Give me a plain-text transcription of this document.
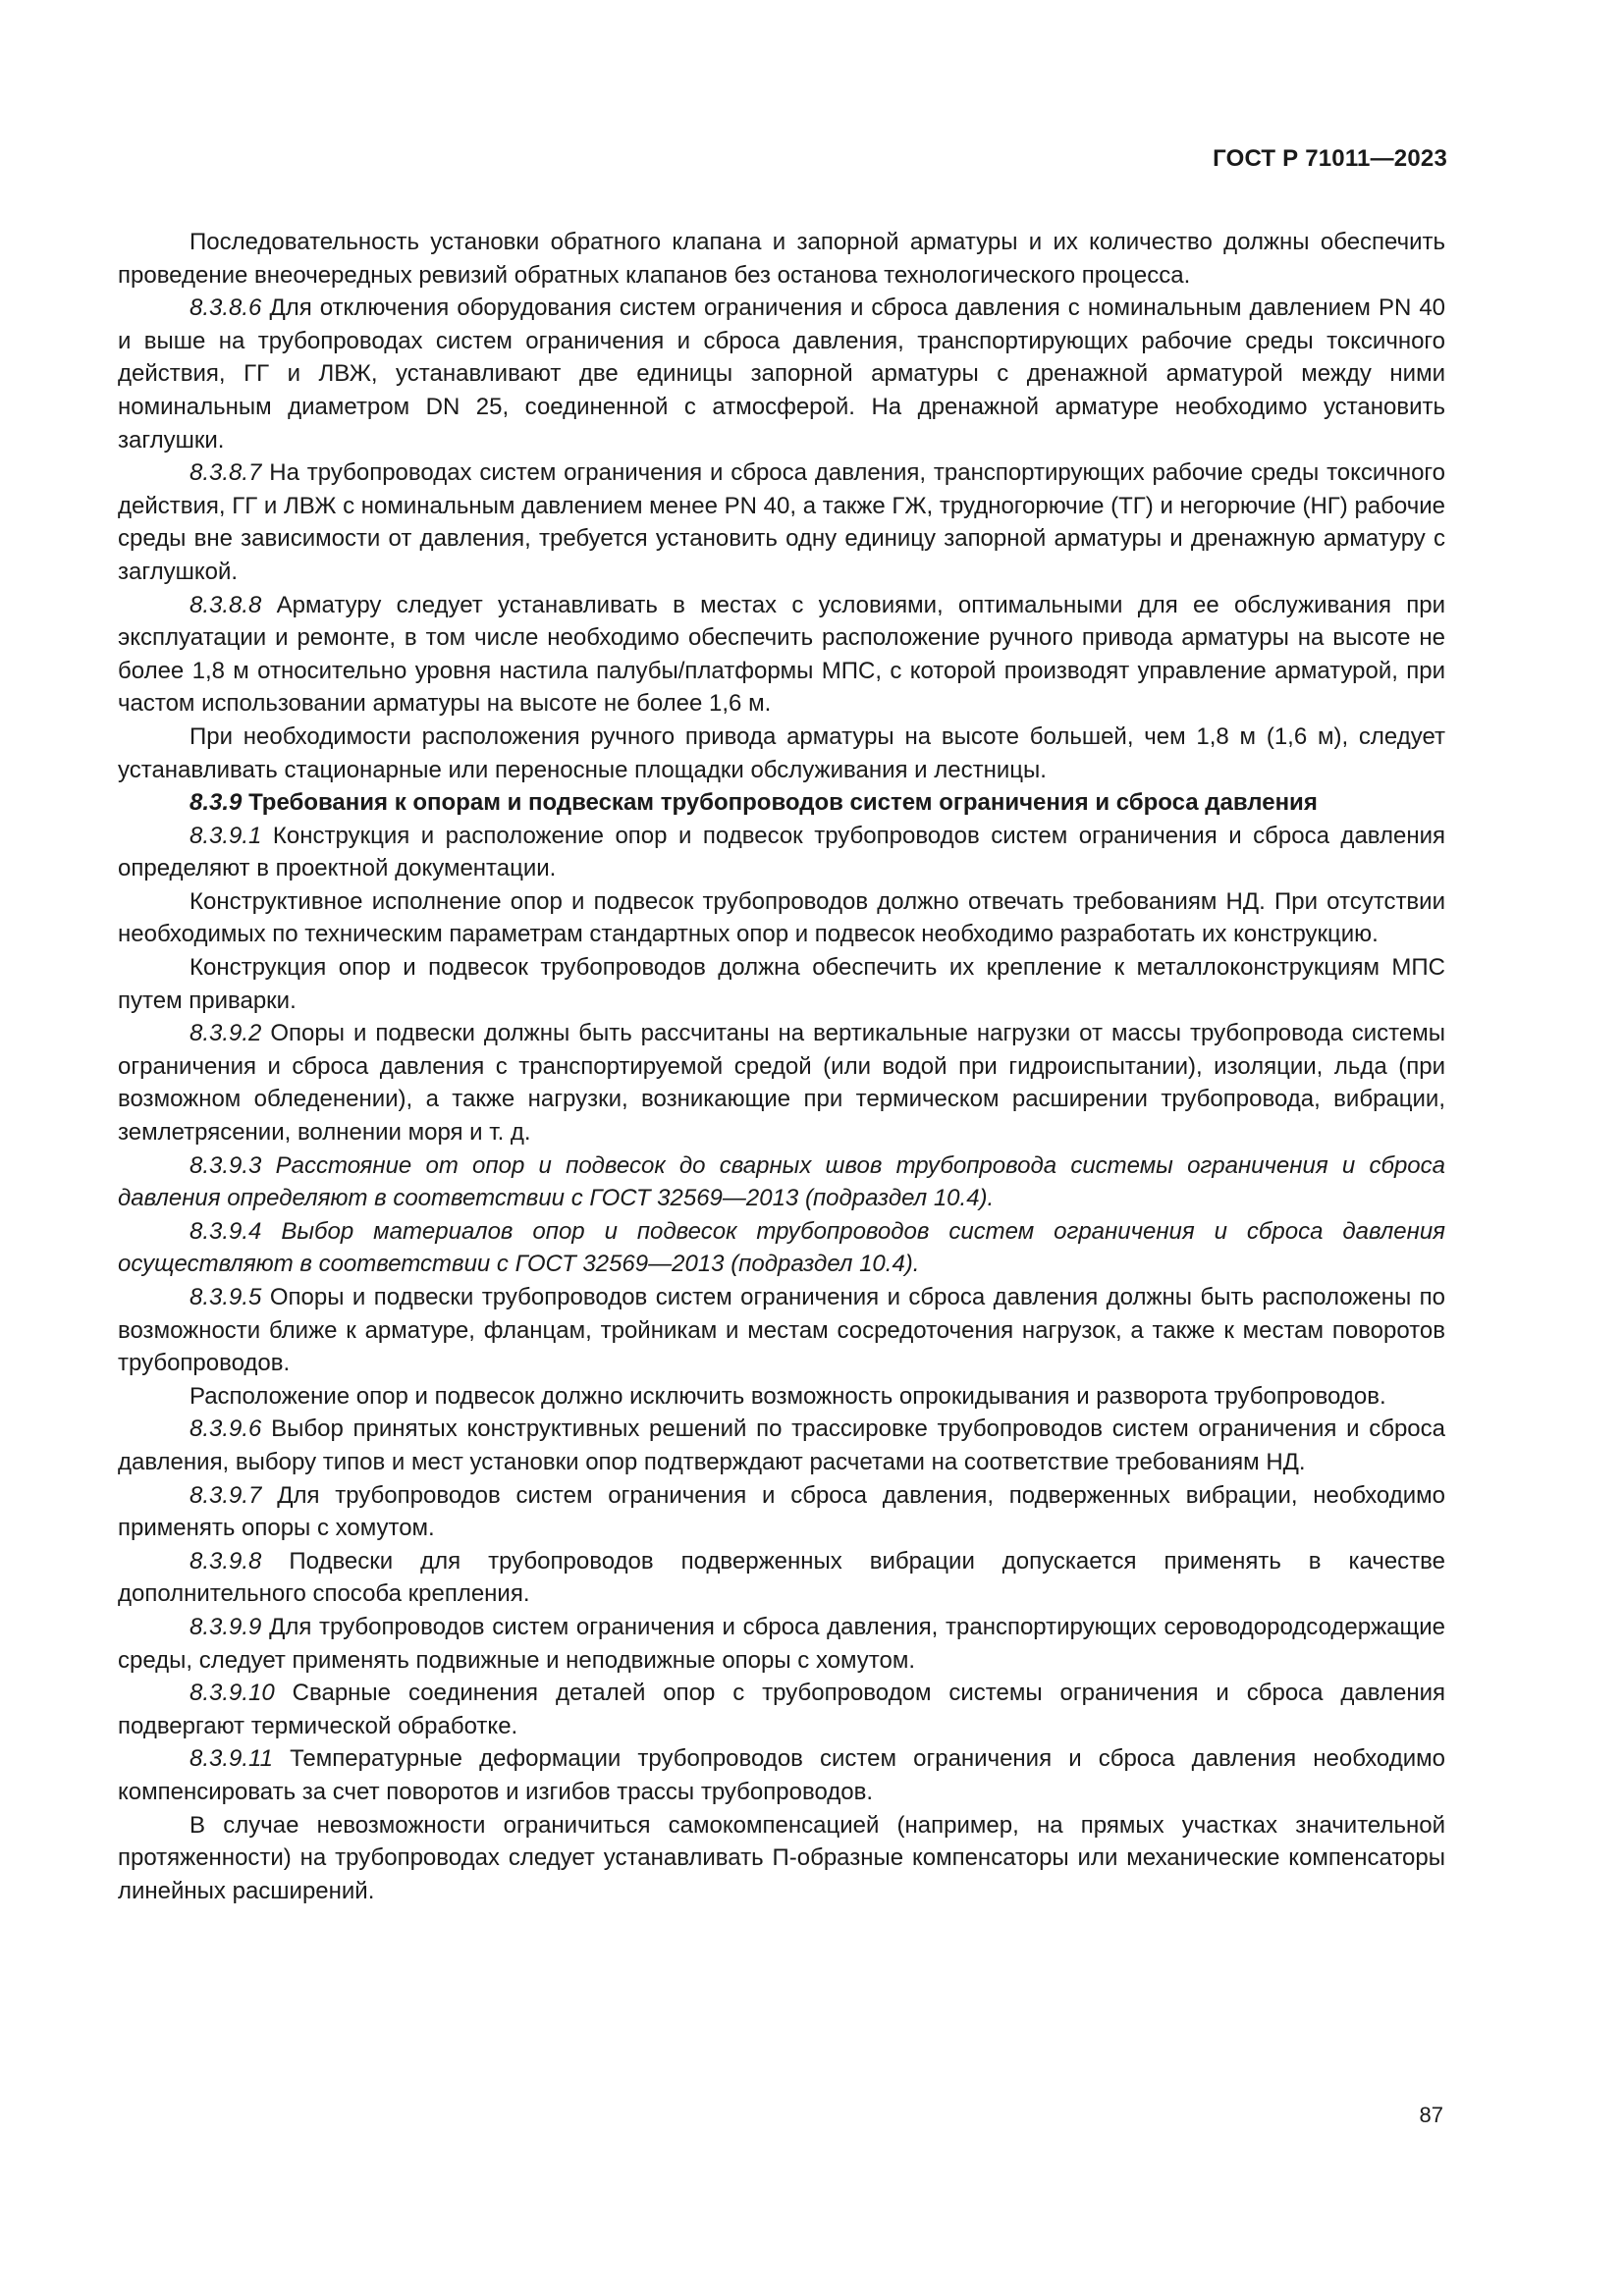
ГОСТ Р 71011—2023

Последовательность установки обратного клапана и запорной арматуры и их количество должны обеспечить проведение внеочередных ревизий обратных клапанов без останова технологического процесса.

8.3.8.6 Для отключения оборудования систем ограничения и сброса давления с номинальным давлением PN 40 и выше на трубопроводах систем ограничения и сброса давления, транспортирующих рабочие среды токсичного действия, ГГ и ЛВЖ, устанавливают две единицы запорной арматуры с дренажной арматурой между ними номинальным диаметром DN 25, соединенной с атмосферой. На дренажной арматуре необходимо установить заглушки.

8.3.8.7 На трубопроводах систем ограничения и сброса давления, транспортирующих рабочие среды токсичного действия, ГГ и ЛВЖ с номинальным давлением менее PN 40, а также ГЖ, трудногорючие (ТГ) и негорючие (НГ) рабочие среды вне зависимости от давления, требуется установить одну единицу запорной арматуры и дренажную арматуру с заглушкой.

8.3.8.8 Арматуру следует устанавливать в местах с условиями, оптимальными для ее обслуживания при эксплуатации и ремонте, в том числе необходимо обеспечить расположение ручного привода арматуры на высоте не более 1,8 м относительно уровня настила палубы/платформы МПС, с которой производят управление арматурой, при частом использовании арматуры на высоте не более 1,6 м.

При необходимости расположения ручного привода арматуры на высоте большей, чем 1,8 м (1,6 м), следует устанавливать стационарные или переносные площадки обслуживания и лестницы.

8.3.9 Требования к опорам и подвескам трубопроводов систем ограничения и сброса давления

8.3.9.1 Конструкция и расположение опор и подвесок трубопроводов систем ограничения и сброса давления определяют в проектной документации.

Конструктивное исполнение опор и подвесок трубопроводов должно отвечать требованиям НД. При отсутствии необходимых по техническим параметрам стандартных опор и подвесок необходимо разработать их конструкцию.

Конструкция опор и подвесок трубопроводов должна обеспечить их крепление к металлоконструкциям МПС путем приварки.

8.3.9.2 Опоры и подвески должны быть рассчитаны на вертикальные нагрузки от массы трубопровода системы ограничения и сброса давления с транспортируемой средой (или водой при гидроиспытании), изоляции, льда (при возможном обледенении), а также нагрузки, возникающие при термическом расширении трубопровода, вибрации, землетрясении, волнении моря и т. д.

8.3.9.3 Расстояние от опор и подвесок до сварных швов трубопровода системы ограничения и сброса давления определяют в соответствии с ГОСТ 32569—2013 (подраздел 10.4).

8.3.9.4 Выбор материалов опор и подвесок трубопроводов систем ограничения и сброса давления осуществляют в соответствии с ГОСТ 32569—2013 (подраздел 10.4).

8.3.9.5 Опоры и подвески трубопроводов систем ограничения и сброса давления должны быть расположены по возможности ближе к арматуре, фланцам, тройникам и местам сосредоточения нагрузок, а также к местам поворотов трубопроводов.

Расположение опор и подвесок должно исключить возможность опрокидывания и разворота трубопроводов.

8.3.9.6 Выбор принятых конструктивных решений по трассировке трубопроводов систем ограничения и сброса давления, выбору типов и мест установки опор подтверждают расчетами на соответствие требованиям НД.

8.3.9.7 Для трубопроводов систем ограничения и сброса давления, подверженных вибрации, необходимо применять опоры с хомутом.

8.3.9.8 Подвески для трубопроводов подверженных вибрации допускается применять в качестве дополнительного способа крепления.

8.3.9.9 Для трубопроводов систем ограничения и сброса давления, транспортирующих сероводородсодержащие среды, следует применять подвижные и неподвижные опоры с хомутом.

8.3.9.10 Сварные соединения деталей опор с трубопроводом системы ограничения и сброса давления подвергают термической обработке.

8.3.9.11 Температурные деформации трубопроводов систем ограничения и сброса давления необходимо компенсировать за счет поворотов и изгибов трассы трубопроводов.

В случае невозможности ограничиться самокомпенсацией (например, на прямых участках значительной протяженности) на трубопроводах следует устанавливать П-образные компенсаторы или механические компенсаторы линейных расширений.

87
